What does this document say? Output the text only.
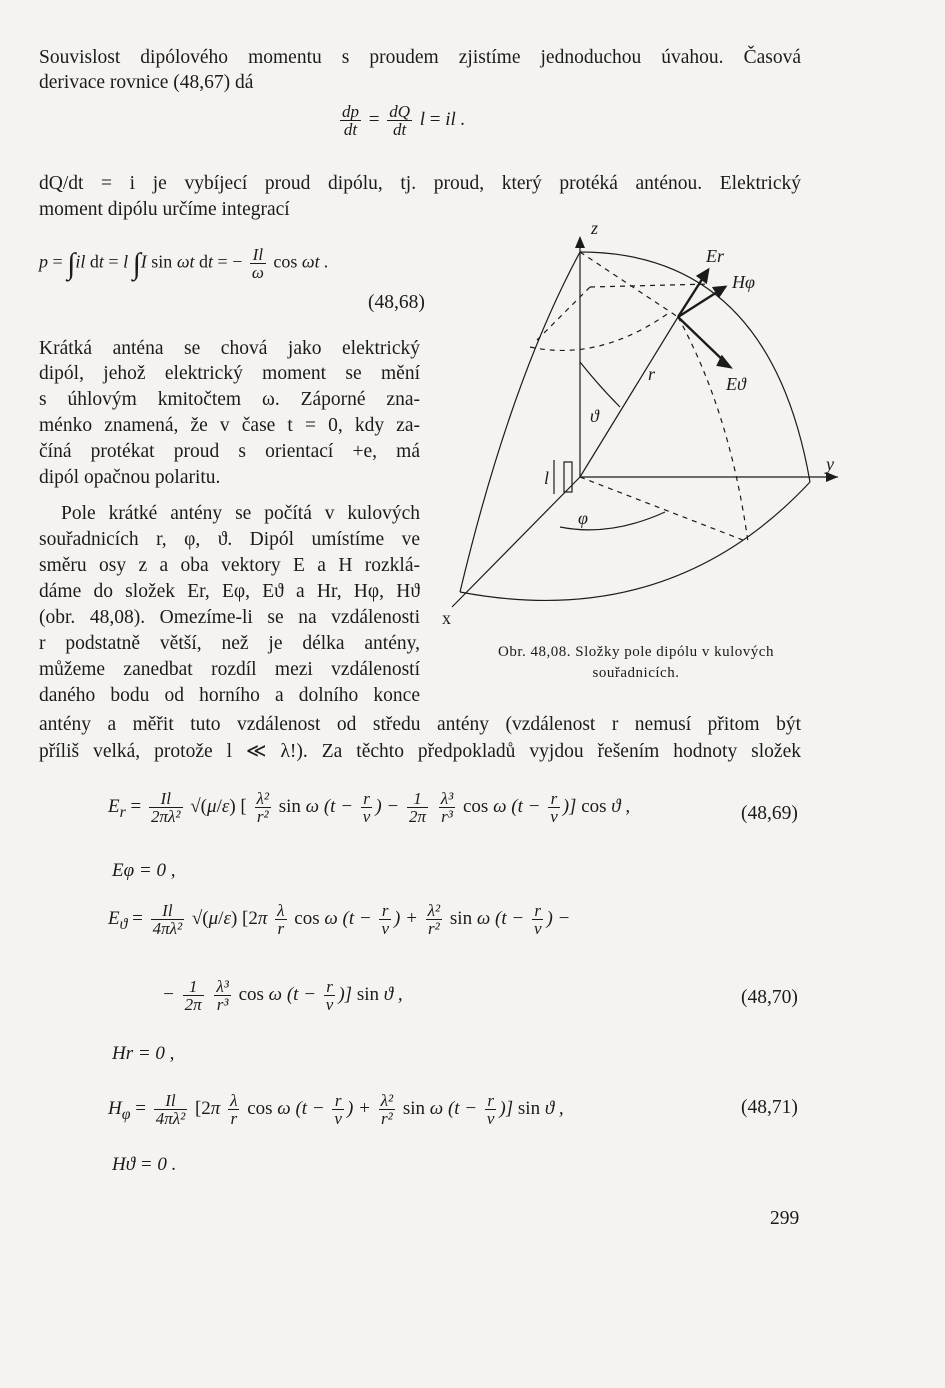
Souvislost dipólového momentu s proudem zjistíme jednoduchou úvahou. Časová
derivace rovnice (48,67) dá
$\frac{dp}{dt} = \frac{dQ}{dt}$ l = il .
dQ/dt = i je vybíjecí proud dipólu, tj. proud, který protéká anténou. Elektrický
moment dipólu určíme integrací
p = ∫il dt = l ∫I sin ωt dt = − $\frac{Il}{\omega}$ cos ωt .
(48,68)
Krátká anténa se chová jako elektrický
dipól, jehož elektrický moment se mění
s úhlovým kmitočtem ω. Záporné zna-
ménko znamená, že v čase t = 0, kdy za-
číná protékat proud s orientací +e, má
dipól opačnou polaritu.
Pole krátké antény se počítá v kulových
souřadnicích r, φ, ϑ. Dipól umístíme ve
směru osy z a oba vektory E a H rozklá-
dáme do složek Er, Eφ, Eϑ a Hr, Hφ, Hϑ
(obr. 48,08). Omezíme-li se na vzdálenosti
r podstatně větší, než je délka antény,
můžeme zanedbat rozdíl mezi vzdáleností
daného bodu od horního a dolního konce
antény a měřit tuto vzdálenost od středu antény (vzdálenost r nemusí přitom být
příliš velká, protože l ≪ λ!). Za těchto předpokladů vyjdou řešením hodnoty složek
z
y
x
Er
Hφ
Eϑ
r
ϑ
φ
l
Obr. 48,08. Složky pole dipólu v kulových
souřadnicích.
$E_r = \frac{Il}{\text{2πλ²}} √(\mu/\varepsilon)$ [ $\frac{\text{λ²}}{\text{r²}}$ sin ω ($t - \frac{r}{v}$ ) − $\frac{1}{2\pi}$
$\frac{\text{λ³}}{\text{r³}}$ cos ω ($t - \frac{r}{v}$ )] cos ϑ ,	(48,69)
Eφ = 0 ,
$E_ϑ = \frac{Il}{\text{4πλ²}} √(\mu/\varepsilon)$ [$2\pi \frac{\lambda}{r}$ cos ω ($t - \frac{r}{v}$ ) + $\frac{\text{λ²}}{\text{r²}}$ sin ω ($t - \frac{r}{v}$ ) −
− $\frac{1}{2\pi}$
$\frac{\text{λ³}}{\text{r³}}$ cos ω ($t - \frac{r}{v}$ )] sin ϑ ,	(48,70)
Hr = 0 ,
$H_\varphi = \frac{Il}{\text{4πλ²}} [2\pi \frac{\lambda}{r}$ cos ω ($t - \frac{r}{v}$ ) + $\frac{\text{λ²}}{\text{r²}}$ sin ω ($t - \frac{r}{v}$ )] sin ϑ ,	(48,71)
Hϑ = 0 .
299
